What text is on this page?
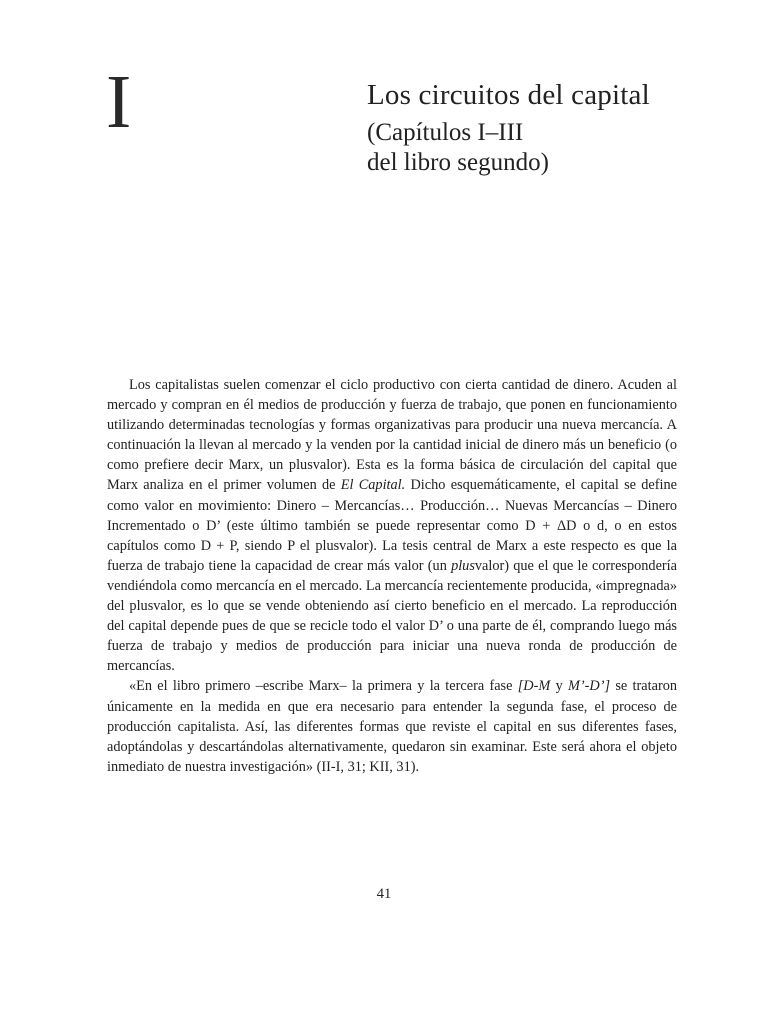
I	Los circuitos del capital
(Capítulos I–III
del libro segundo)

Los capitalistas suelen comenzar el ciclo productivo con cierta cantidad de dinero. Acuden al mercado y compran en él medios de producción y fuerza de trabajo, que ponen en funcionamiento utilizando determinadas tecnologías y formas organizativas para producir una nueva mercancía. A continuación la llevan al mercado y la venden por la cantidad inicial de dinero más un beneficio (o como prefiere decir Marx, un plusvalor). Esta es la forma básica de circulación del capital que Marx analiza en el primer volumen de El Capital. Dicho esquemáticamente, el capital se define como valor en movimiento: Dinero – Mercancías… Producción… Nuevas Mercancías – Dinero Incrementado o D’ (este último también se puede representar como D + ΔD o d, o en estos capítulos como D + P, siendo P el plusvalor). La tesis central de Marx a este respecto es que la fuerza de trabajo tiene la capacidad de crear más valor (un plusvalor) que el que le correspondería vendiéndola como mercancía en el mercado. La mercancía recientemente producida, «impregnada» del plusvalor, es lo que se vende obteniendo así cierto beneficio en el mercado. La reproducción del capital depende pues de que se recicle todo el valor D’ o una parte de él, comprando luego más fuerza de trabajo y medios de producción para iniciar una nueva ronda de producción de mercancías.

«En el libro primero –escribe Marx– la primera y la tercera fase [D-M y M’-D’] se trataron únicamente en la medida en que era necesario para entender la segunda fase, el proceso de producción capitalista. Así, las diferentes formas que reviste el capital en sus diferentes fases, adoptándolas y descartándolas alternativamente, quedaron sin examinar. Este será ahora el objeto inmediato de nuestra investigación» (II-I, 31; KII, 31).

41
